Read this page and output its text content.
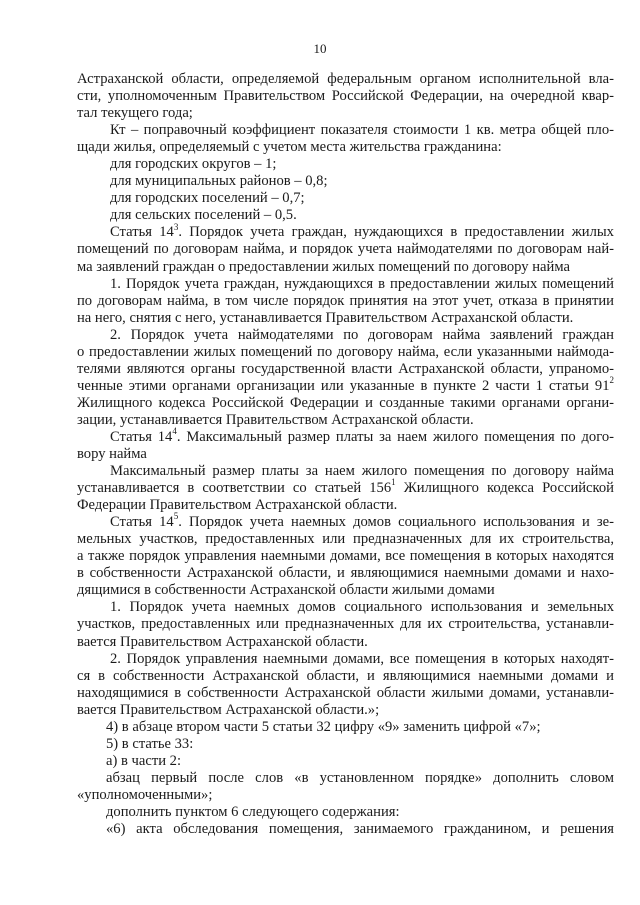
10
Астраханской области, определяемой федеральным органом исполнительной вла-
сти, уполномоченным Правительством Российской Федерации, на очередной квар-
тал текущего года;
Кт – поправочный коэффициент показателя стоимости 1 кв. метра общей пло-
щади жилья, определяемый с учетом места жительства гражданина:
для городских округов – 1;
для муниципальных районов – 0,8;
для городских поселений – 0,7;
для сельских поселений – 0,5.
Статья $14^3$. Порядок учета граждан, нуждающихся в предоставлении жилых
помещений по договорам найма, и порядок учета наймодателями по договорам най-
ма заявлений граждан о предоставлении жилых помещений по договору найма
1. Порядок учета граждан, нуждающихся в предоставлении жилых помещений
по договорам найма, в том числе порядок принятия на этот учет, отказа в принятии
на него, снятия с него, устанавливается Правительством Астраханской области.
2. Порядок учета наймодателями по договорам найма заявлений граждан
о предоставлении жилых помещений по договору найма, если указанными наймода-
телями являются органы государственной власти Астраханской области, упраномо-
ченные этими органами организации или указанные в пункте 2 части 1 статьи $91^2$
Жилищного кодекса Российской Федерации и созданные такими органами органи-
зации, устанавливается Правительством Астраханской области.
Статья $14^4$. Максимальный размер платы за наем жилого помещения по дого-
вору найма
Максимальный размер платы за наем жилого помещения по договору найма
устанавливается в соответствии со статьей $156^1$ Жилищного кодекса Российской
Федерации Правительством Астраханской области.
Статья $14^5$. Порядок учета наемных домов социального использования и зе-
мельных участков, предоставленных или предназначенных для их строительства,
а также порядок управления наемными домами, все помещения в которых находятся
в собственности Астраханской области, и являющимися наемными домами и нахо-
дящимися в собственности Астраханской области жилыми домами
1. Порядок учета наемных домов социального использования и земельных
участков, предоставленных или предназначенных для их строительства, устанавли-
вается Правительством Астраханской области.
2. Порядок управления наемными домами, все помещения в которых находят-
ся в собственности Астраханской области, и являющимися наемными домами и
находящимися в собственности Астраханской области жилыми домами, устанавли-
вается Правительством Астраханской области.»;
4) в абзаце втором части 5 статьи 32 цифру «9» заменить цифрой «7»;
5) в статье 33:
а) в части 2:
абзац первый после слов «в установленном порядке» дополнить словом
«уполномоченными»;
дополнить пунктом 6 следующего содержания:
«6) акта обследования помещения, занимаемого гражданином, и решения
